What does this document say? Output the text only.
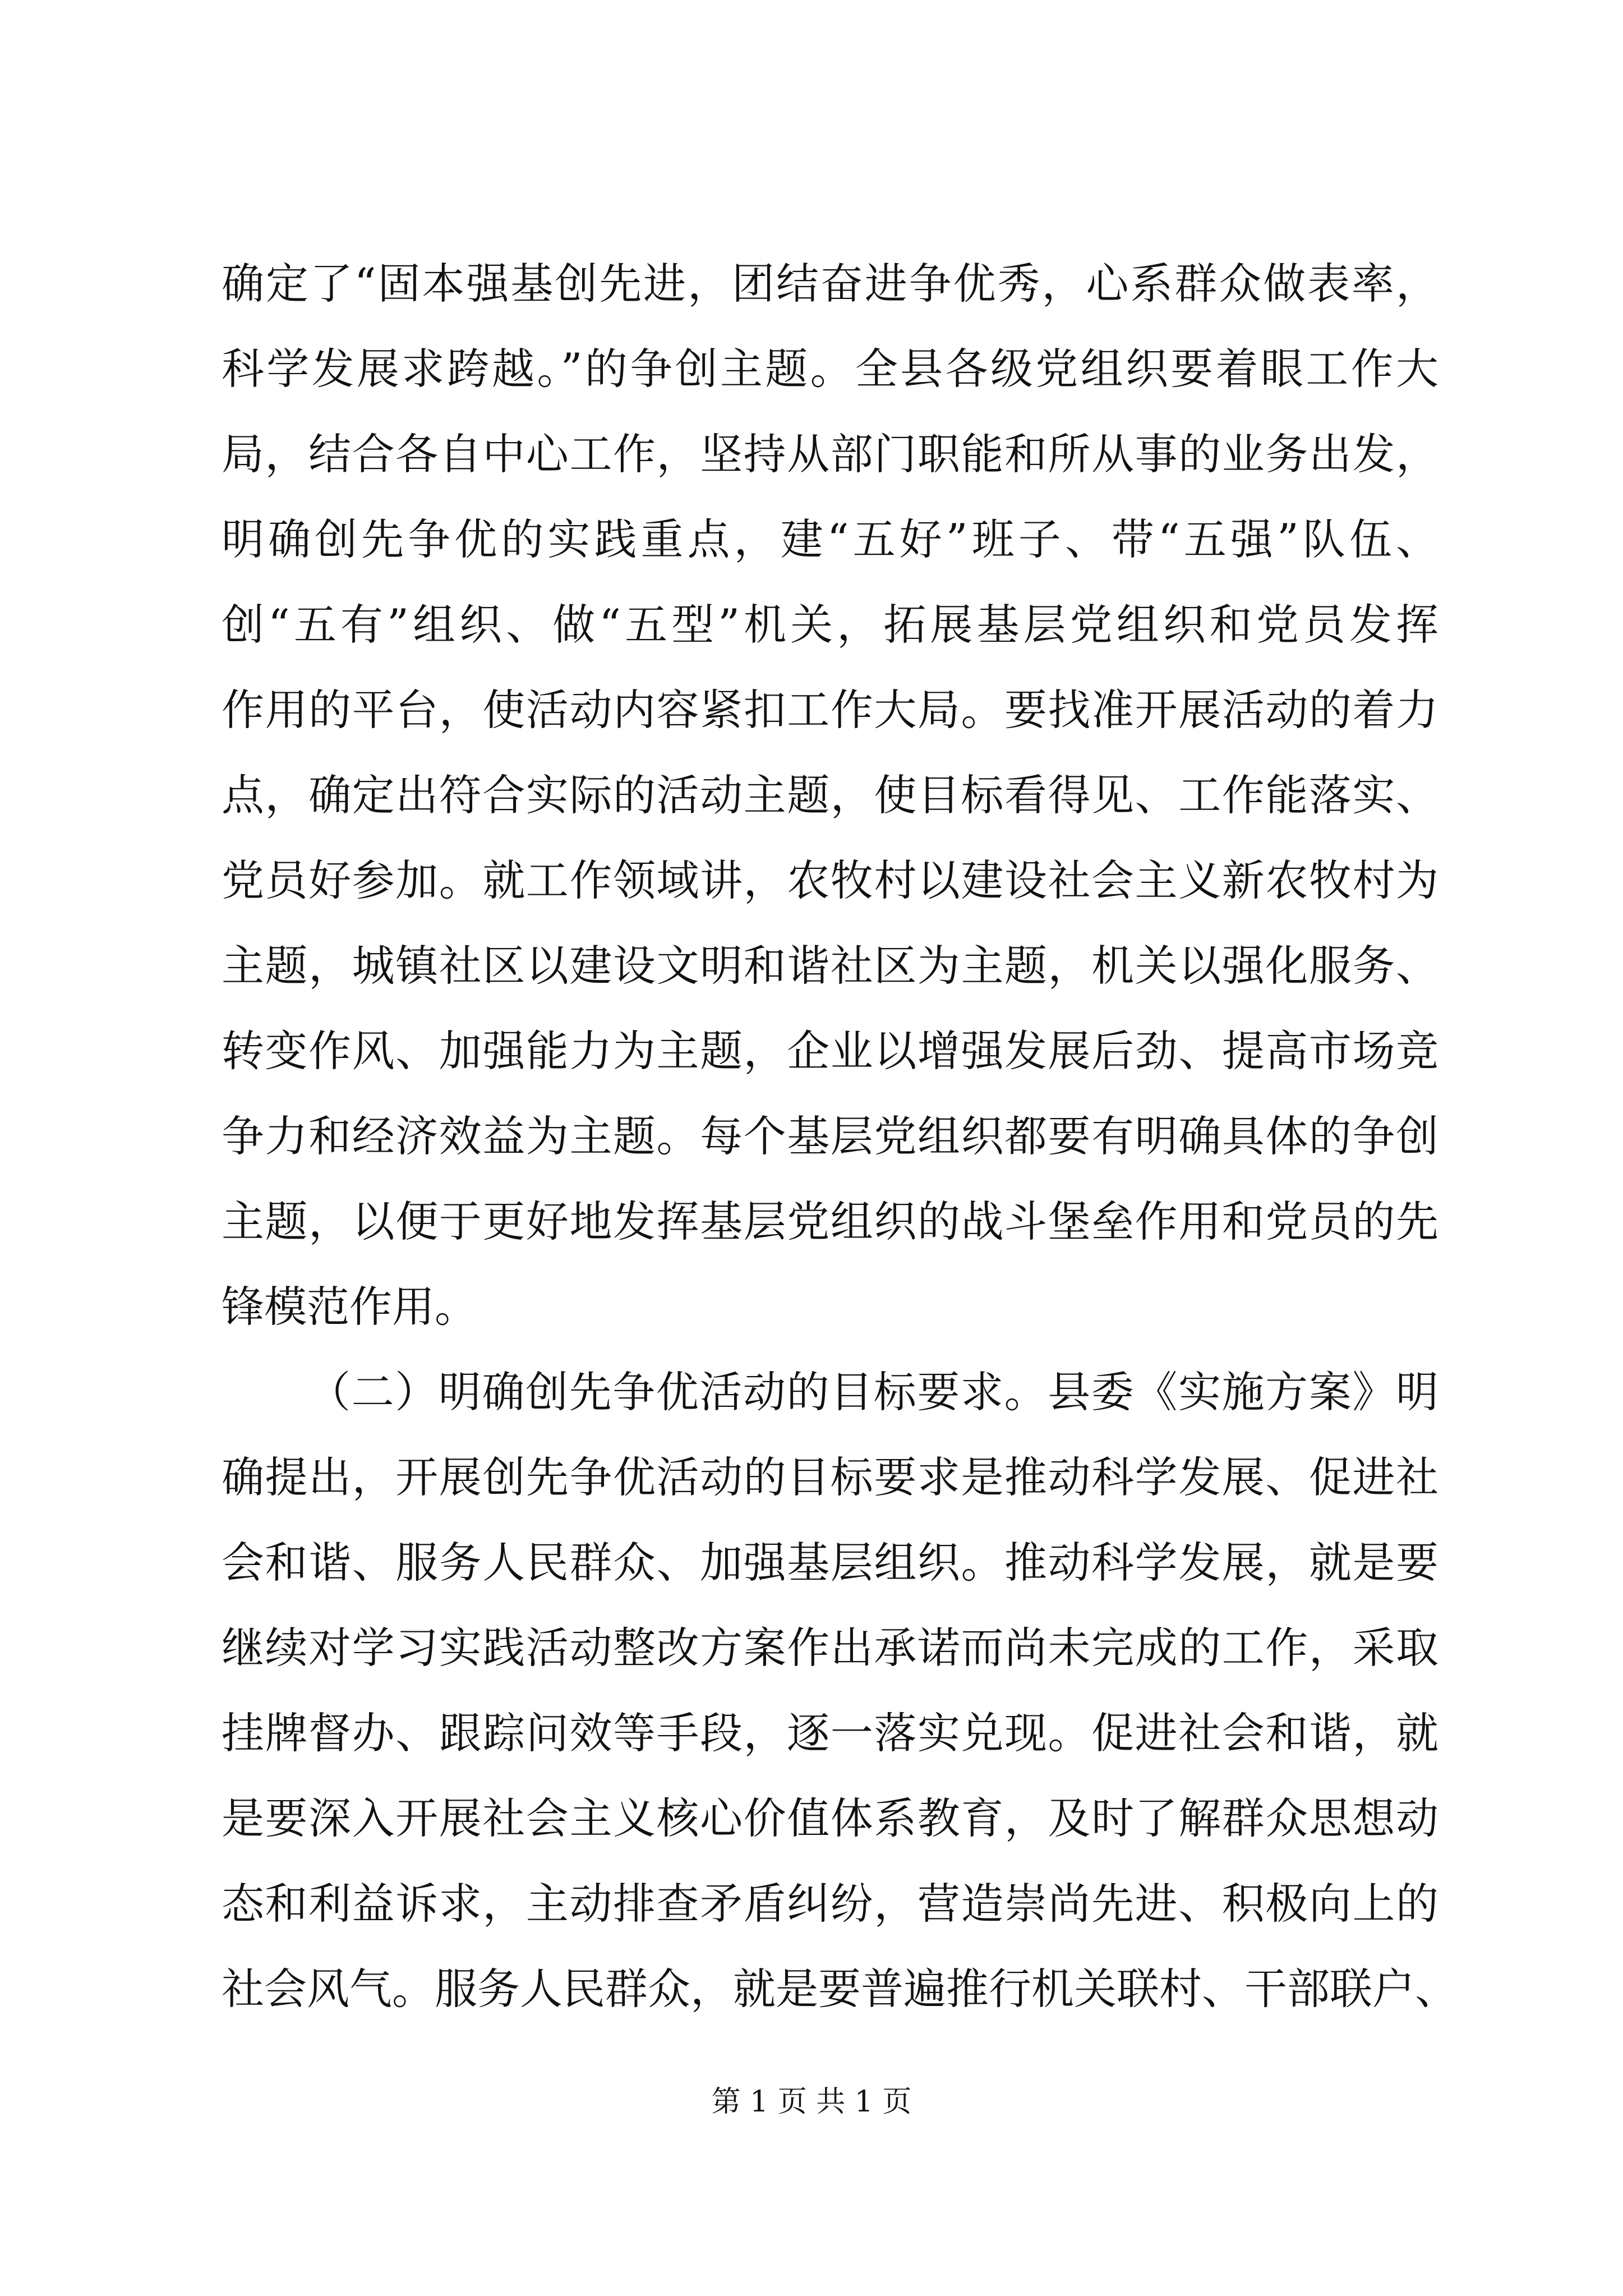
确定了“固本强基创先进，团结奋进争优秀，心系群众做表率，
科学发展求跨越。”的争创主题。全县各级党组织要着眼工作大
局，结合各自中心工作，坚持从部门职能和所从事的业务出发，
明确创先争优的实践重点，建“五好”班子、带“五强”队伍、
创“五有”组织、做“五型”机关，拓展基层党组织和党员发挥
作用的平台，使活动内容紧扣工作大局。要找准开展活动的着力
点，确定出符合实际的活动主题，使目标看得见、工作能落实、
党员好参加。就工作领域讲，农牧村以建设社会主义新农牧村为
主题，城镇社区以建设文明和谐社区为主题，机关以强化服务、
转变作风、加强能力为主题，企业以增强发展后劲、提高市场竞
争力和经济效益为主题。每个基层党组织都要有明确具体的争创
主题，以便于更好地发挥基层党组织的战斗堡垒作用和党员的先
锋模范作用。
（二）明确创先争优活动的目标要求。县委《实施方案》明
确提出，开展创先争优活动的目标要求是推动科学发展、促进社
会和谐、服务人民群众、加强基层组织。推动科学发展，就是要
继续对学习实践活动整改方案作出承诺而尚未完成的工作，采取
挂牌督办、跟踪问效等手段，逐一落实兑现。促进社会和谐，就
是要深入开展社会主义核心价值体系教育，及时了解群众思想动
态和利益诉求，主动排查矛盾纠纷，营造崇尚先进、积极向上的
社会风气。服务人民群众，就是要普遍推行机关联村、干部联户、
第 1 页 共 1 页
